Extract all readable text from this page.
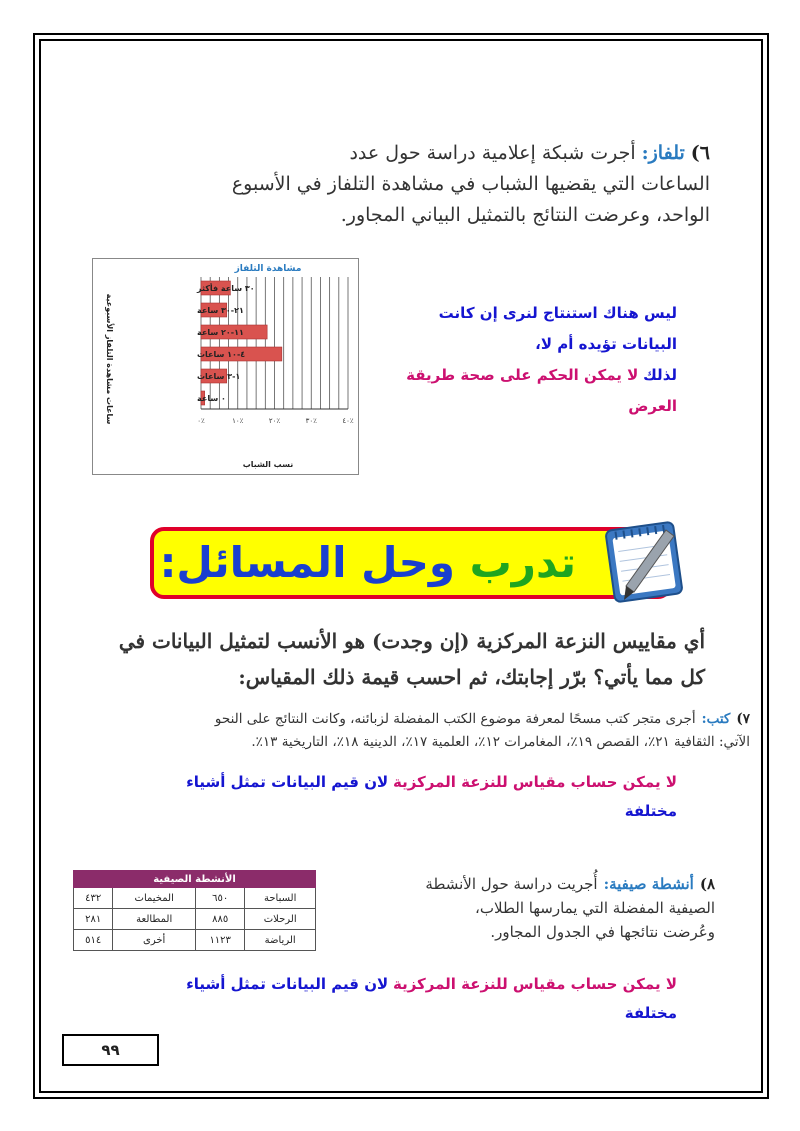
٦)تلفاز:أجرت شبكة إعلامية دراسة حول عدد
الساعات التي يقضيها الشباب في مشاهدة التلفاز في الأسبوع
الواحد، وعرضت النتائج بالتمثيل البياني المجاور.
ليس هناك استنتاج لنرى إن كانت
البيانات تؤيده أم لا،
لذلك لا يمكن الحكم على صحة طريقة
العرض
مشاهدة التلفاز
نسب الشباب
ساعات مشاهدة التلفاز الأسبوعية
٣٠ ساعة فأكثر
٢١-٣٠ ساعة
١١-٢٠ ساعة
٤-١٠ ساعات
١-٣ ساعات
٠ ساعة
٪٠	٪١٠	٪٢٠	٪٣٠	٪٤٠
تدرب وحل المسائل:
أي مقاييس النزعة المركزية (إن وجدت) هو الأنسب لتمثيل البيانات في
كل مما يأتي؟ برّر إجابتك، ثم احسب قيمة ذلك المقياس:
٧)كتب:أجرى متجر كتب مسحًا لمعرفة موضوع الكتب المفضلة لزبائنه، وكانت النتائج على النحو
الآتي: الثقافية ٢١٪، القصص ١٩٪، المغامرات ١٢٪، العلمية ١٧٪، الدينية ١٨٪، التاريخية ١٣٪.
لا يمكن حساب مقياس للنزعة المركزية لان قيم البيانات تمثل أشياء
مختلفة
٨)أنشطة صيفية:أُجريت دراسة حول الأنشطة
الصيفية المفضلة التي يمارسها الطلاب،
وعُرضت نتائجها في الجدول المجاور.
الأنشطة الصيفية			
السباحة	٦٥٠	المخيمات	٤٣٢
الرحلات	٨٨٥	المطالعة	٢٨١
الرياضة	١١٢٣	أخرى	٥١٤
لا يمكن حساب مقياس للنزعة المركزية لان قيم البيانات تمثل أشياء
مختلفة
٩٩
